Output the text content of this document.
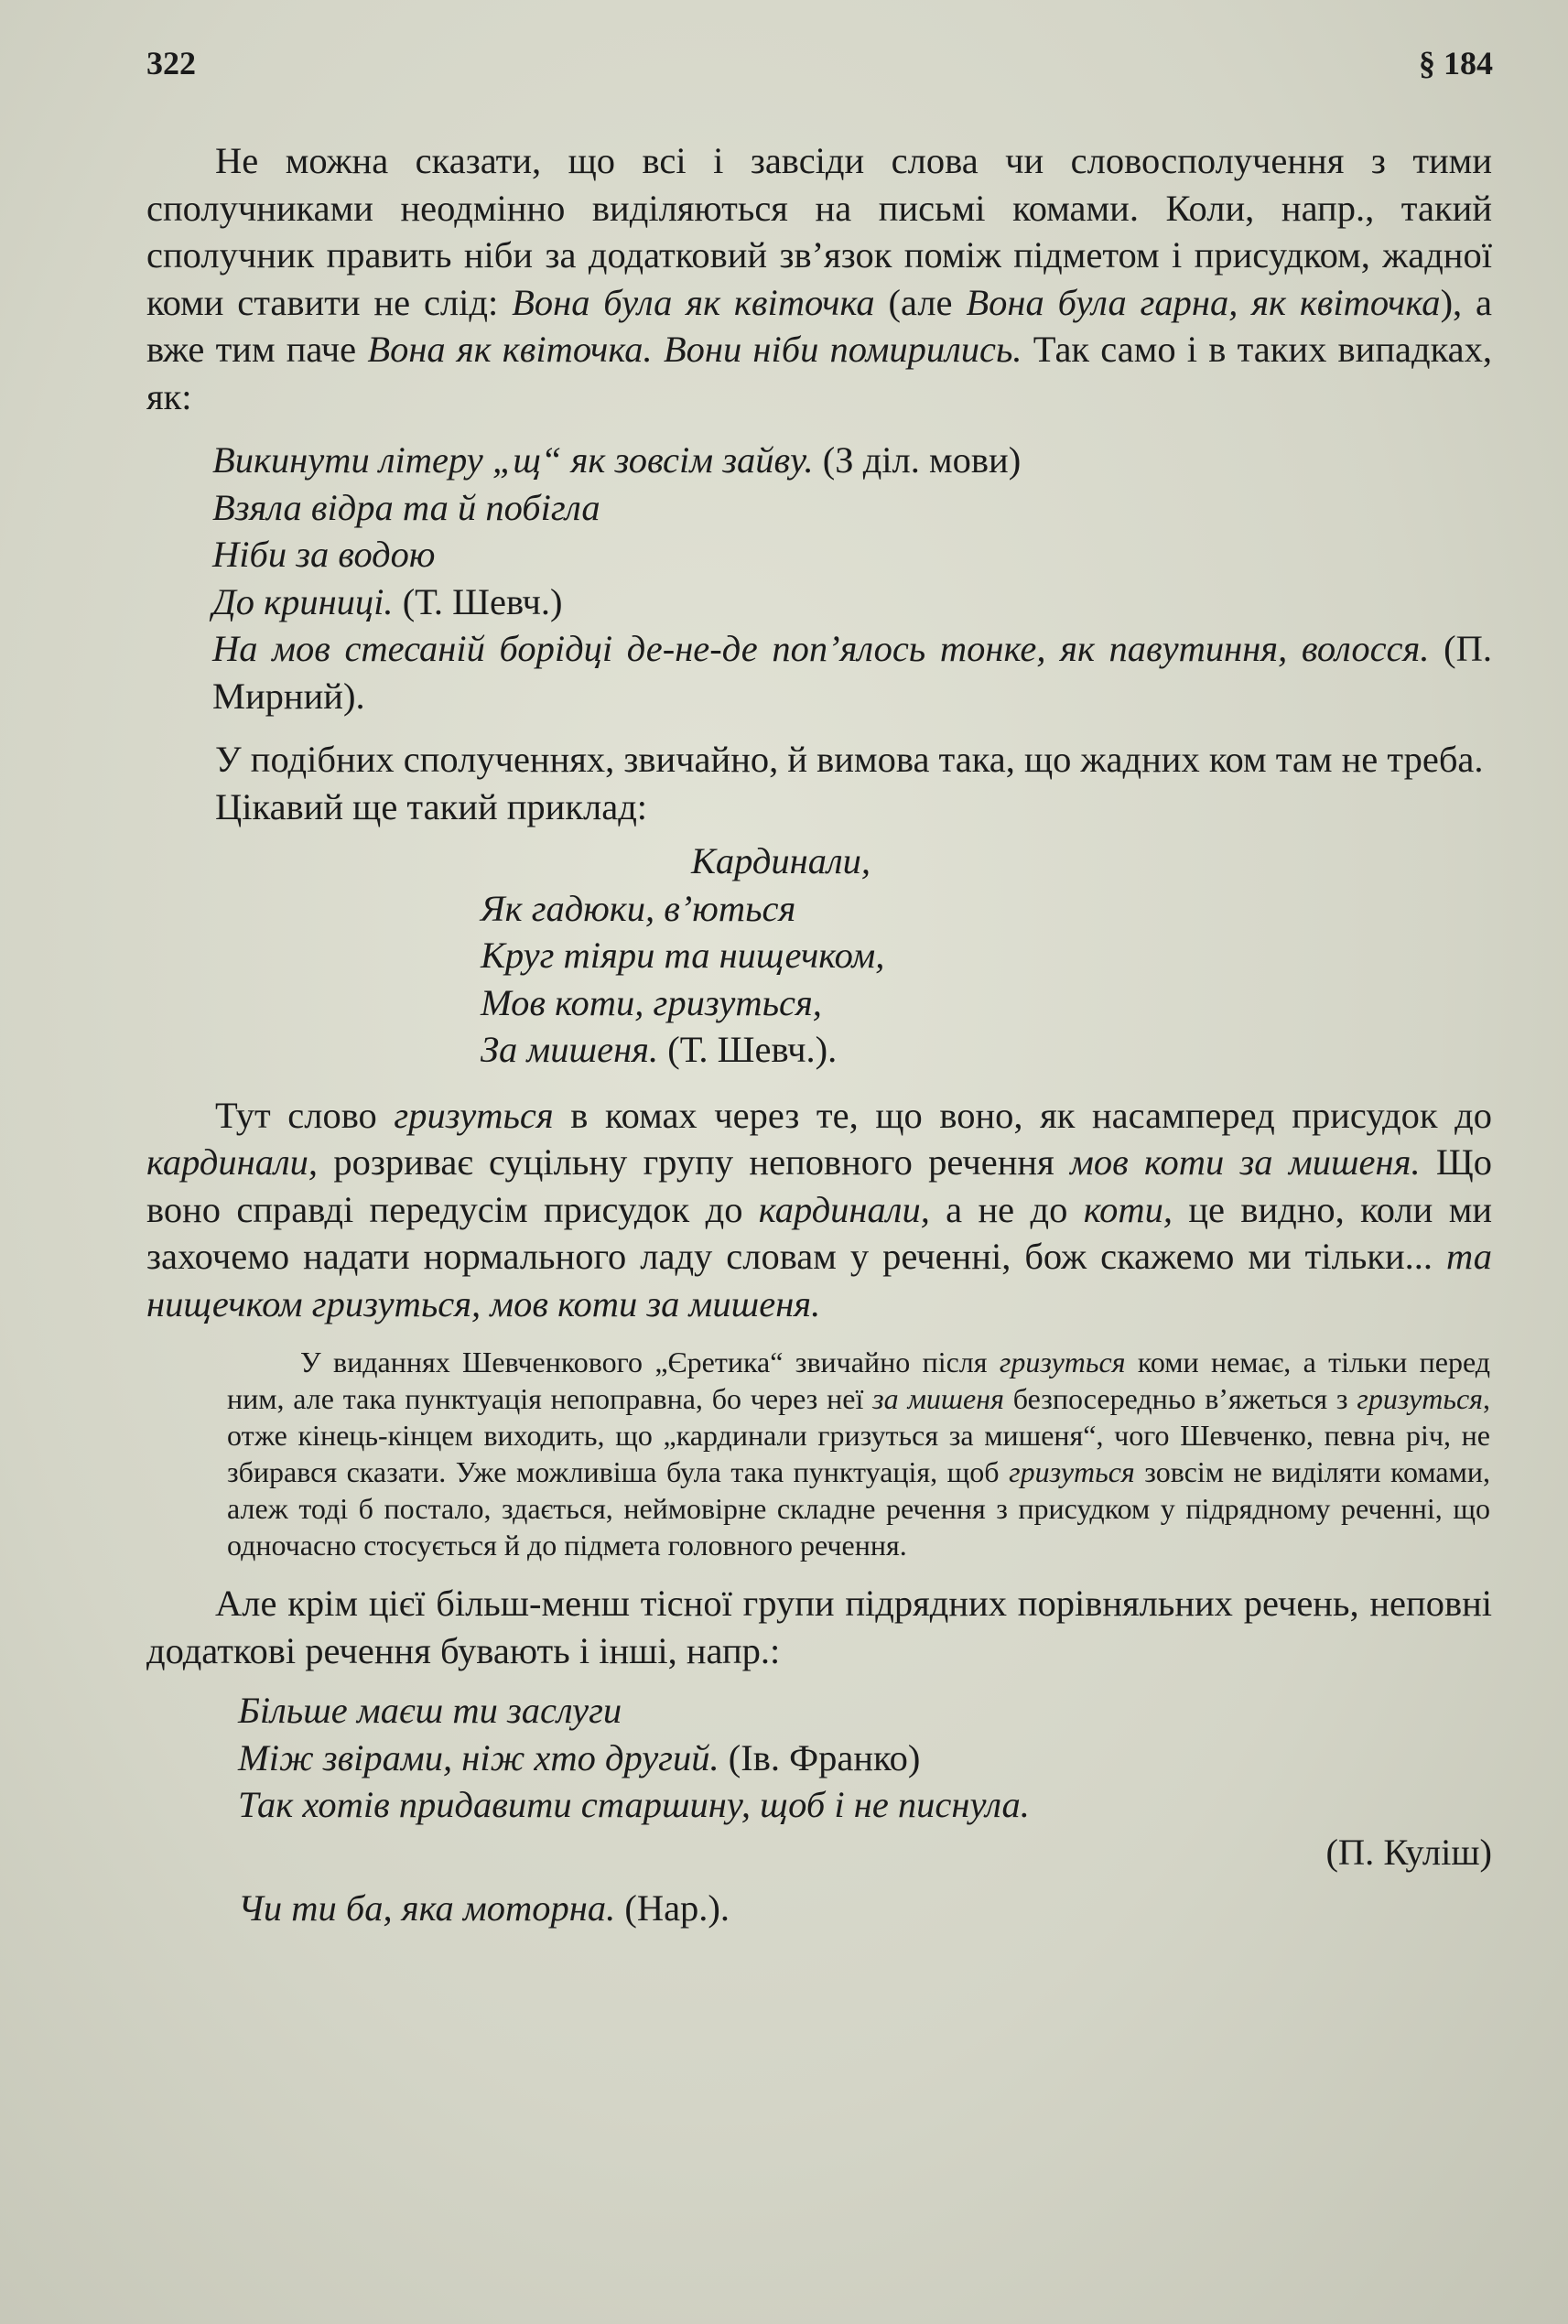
322	§ 184

Не можна сказати, що всі і завсіди слова чи словосполучення з тими сполучниками неодмінно виділяються на письмі комами. Коли, напр., такий сполучник править ніби за додатковий зв’язок поміж підметом і присудком, жадної коми ставити не слід: Вона була як квіточка (але Вона була гарна, як квіточка), а вже тим паче Вона як квіточка. Вони ніби помирились. Так само і в таких випадках, як:

Викинути літеру „щ“ як зовсім зайву. (З діл. мови)
Взяла відра та й побігла
Ніби за водою
До криниці. (Т. Шевч.)
На мов стесаній борідці де-не-де поп’ялось тонке, як павутиння, волосся. (П. Мирний).

У подібних сполученнях, звичайно, й вимова така, що жадних ком там не треба.

Цікавий ще такий приклад:

Кардинали,
Як гадюки, в’ються
Круг тіяри та нищечком,
Мов коти, гризуться,
За мишеня. (Т. Шевч.).

Тут слово гризуться в комах через те, що воно, як насамперед присудок до кардинали, розриває суцільну групу неповного речення мов коти за мишеня. Що воно справді передусім присудок до кардинали, а не до коти, це видно, коли ми захочемо надати нормального ладу словам у реченні, бож скажемо ми тільки... та нищечком гризуться, мов коти за мишеня.

У виданнях Шевченкового „Єретика“ звичайно після гризуться коми немає, а тільки перед ним, але така пунктуація непоправна, бо через неї за мишеня безпосередньо в’яжеться з гризуться, отже кінець-кінцем виходить, що „кардинали гризуться за мишеня“, чого Шевченко, певна річ, не збирався сказати. Уже можливіша була така пунктуація, щоб гризуться зовсім не виділяти комами, алеж тоді б постало, здається, неймовірне складне речення з присудком у підрядному реченні, що одночасно стосується й до підмета головного речення.

Але крім цієї більш-менш тісної групи підрядних порівняльних речень, неповні додаткові речення бувають і інші, напр.:

Більше маєш ти заслуги
Між звірами, ніж хто другий. (Ів. Франко)
Так хотів придавити старшину, щоб і не писнула.
(П. Куліш)
Чи ти ба, яка моторна. (Нар.).
